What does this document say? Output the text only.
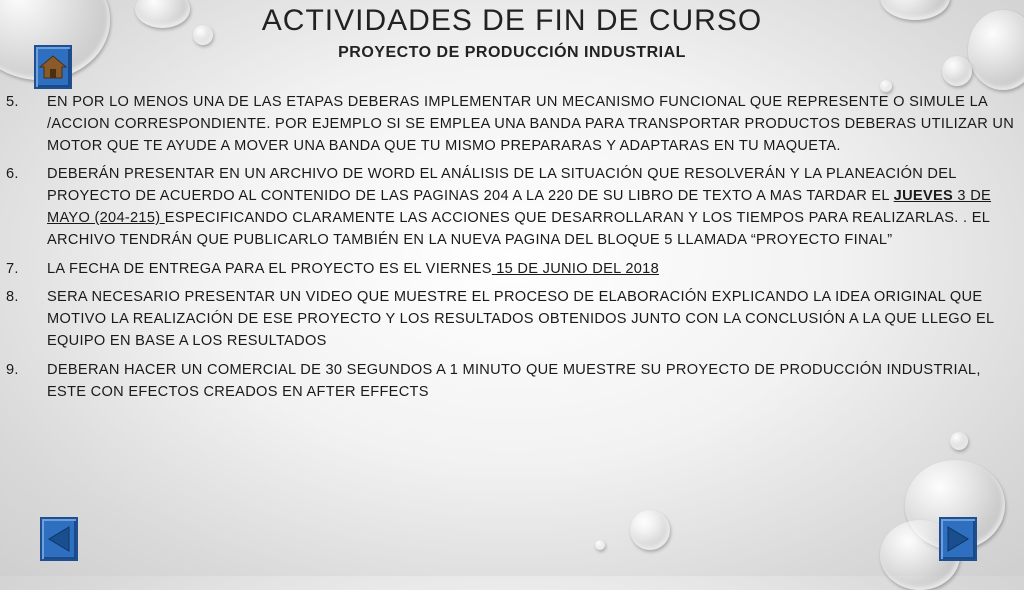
ACTIVIDADES DE FIN DE CURSO
PROYECTO DE PRODUCCIÓN INDUSTRIAL
5.	EN POR LO MENOS UNA DE LAS ETAPAS DEBERAS IMPLEMENTAR UN MECANISMO FUNCIONAL QUE REPRESENTE O SIMULE LA /ACCION CORRESPONDIENTE. POR EJEMPLO SI SE EMPLEA UNA BANDA PARA TRANSPORTAR PRODUCTOS DEBERAS UTILIZAR UN MOTOR QUE TE AYUDE A MOVER UNA BANDA QUE TU MISMO PREPARARAS Y ADAPTARAS EN TU MAQUETA.
6.	DEBERÁN PRESENTAR EN UN ARCHIVO DE WORD EL ANÁLISIS DE LA SITUACIÓN QUE RESOLVERÁN Y LA PLANEACIÓN DEL PROYECTO DE ACUERDO AL CONTENIDO DE LAS PAGINAS 204 A LA 220 DE SU LIBRO DE TEXTO A MAS TARDAR EL JUEVES 3 DE MAYO (204-215) ESPECIFICANDO CLARAMENTE LAS ACCIONES QUE DESARROLLARAN Y LOS TIEMPOS PARA REALIZARLAS. . EL ARCHIVO TENDRÁN QUE PUBLICARLO TAMBIÉN EN LA NUEVA PAGINA DEL BLOQUE 5 LLAMADA “PROYECTO FINAL”
7.	LA FECHA DE ENTREGA PARA EL PROYECTO ES EL VIERNES 15 DE JUNIO DEL 2018
8.	SERA NECESARIO PRESENTAR UN VIDEO QUE MUESTRE EL PROCESO DE ELABORACIÓN EXPLICANDO LA IDEA ORIGINAL QUE MOTIVO LA REALIZACIÓN DE ESE PROYECTO Y LOS RESULTADOS OBTENIDOS JUNTO CON LA CONCLUSIÓN A LA QUE LLEGO EL EQUIPO EN BASE A LOS RESULTADOS
9.	DEBERAN HACER UN COMERCIAL DE 30 SEGUNDOS A 1 MINUTO QUE MUESTRE SU PROYECTO DE PRODUCCIÓN INDUSTRIAL, ESTE CON EFECTOS CREADOS EN AFTER EFFECTS
